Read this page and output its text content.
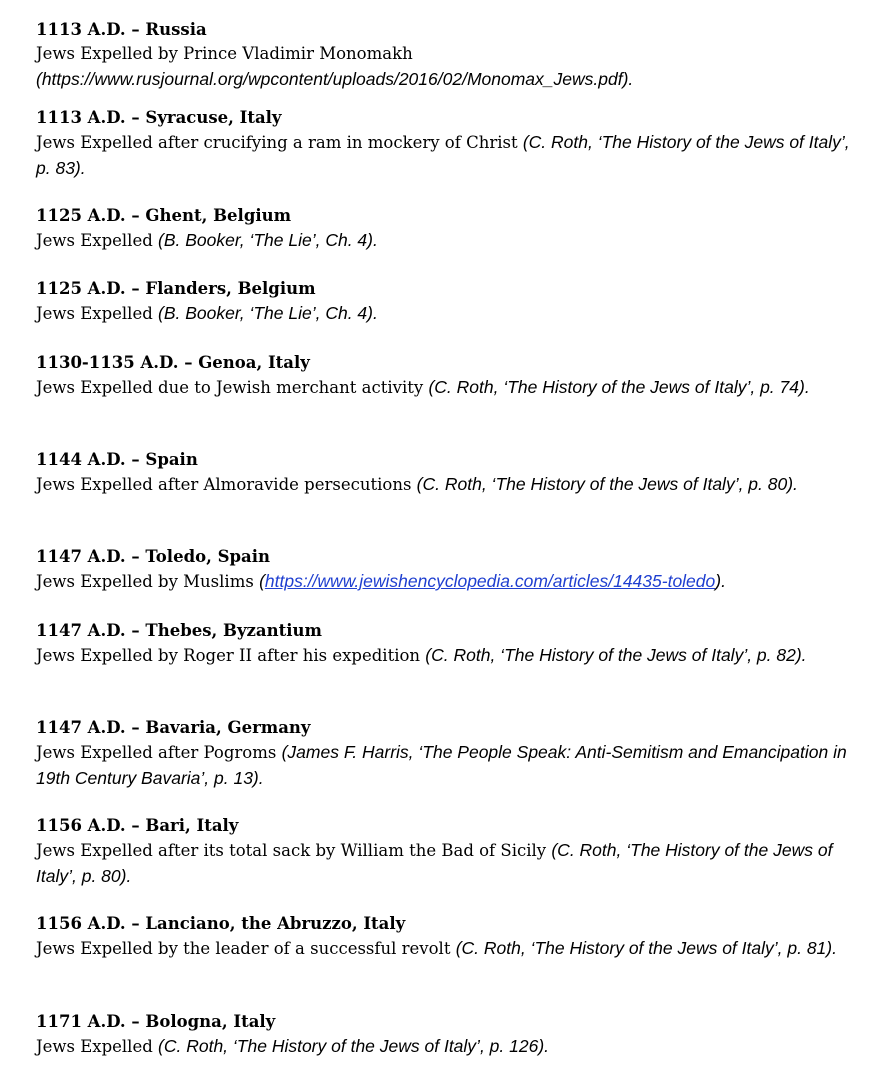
1113 A.D. – Russia
Jews Expelled by Prince Vladimir Monomakh
(https://www.rusjournal.org/wpcontent/uploads/2016/02/Monomax_Jews.pdf).
1113 A.D. – Syracuse, Italy
Jews Expelled after crucifying a ram in mockery of Christ (C. Roth, ‘The History of the Jews of Italy’, p. 83).
1125 A.D. – Ghent, Belgium
Jews Expelled (B. Booker, ‘The Lie’, Ch. 4).
1125 A.D. – Flanders, Belgium
Jews Expelled (B. Booker, ‘The Lie’, Ch. 4).
1130-1135 A.D. – Genoa, Italy
Jews Expelled due to Jewish merchant activity (C. Roth, ‘The History of the Jews of Italy’, p. 74).
1144 A.D. – Spain
Jews Expelled after Almoravide persecutions (C. Roth, ‘The History of the Jews of Italy’, p. 80).
1147 A.D. – Toledo, Spain
Jews Expelled by Muslims (https://www.jewishencyclopedia.com/articles/14435-toledo).
1147 A.D. – Thebes, Byzantium
Jews Expelled by Roger II after his expedition (C. Roth, ‘The History of the Jews of Italy’, p. 82).
1147 A.D. – Bavaria, Germany
Jews Expelled after Pogroms (James F. Harris, ‘The People Speak: Anti-Semitism and Emancipation in 19th Century Bavaria’, p. 13).
1156 A.D. – Bari, Italy
Jews Expelled after its total sack by William the Bad of Sicily (C. Roth, ‘The History of the Jews of Italy’, p. 80).
1156 A.D. – Lanciano, the Abruzzo, Italy
Jews Expelled by the leader of a successful revolt (C. Roth, ‘The History of the Jews of Italy’, p. 81).
1171 A.D. – Bologna, Italy
Jews Expelled (C. Roth, ‘The History of the Jews of Italy’, p. 126).
